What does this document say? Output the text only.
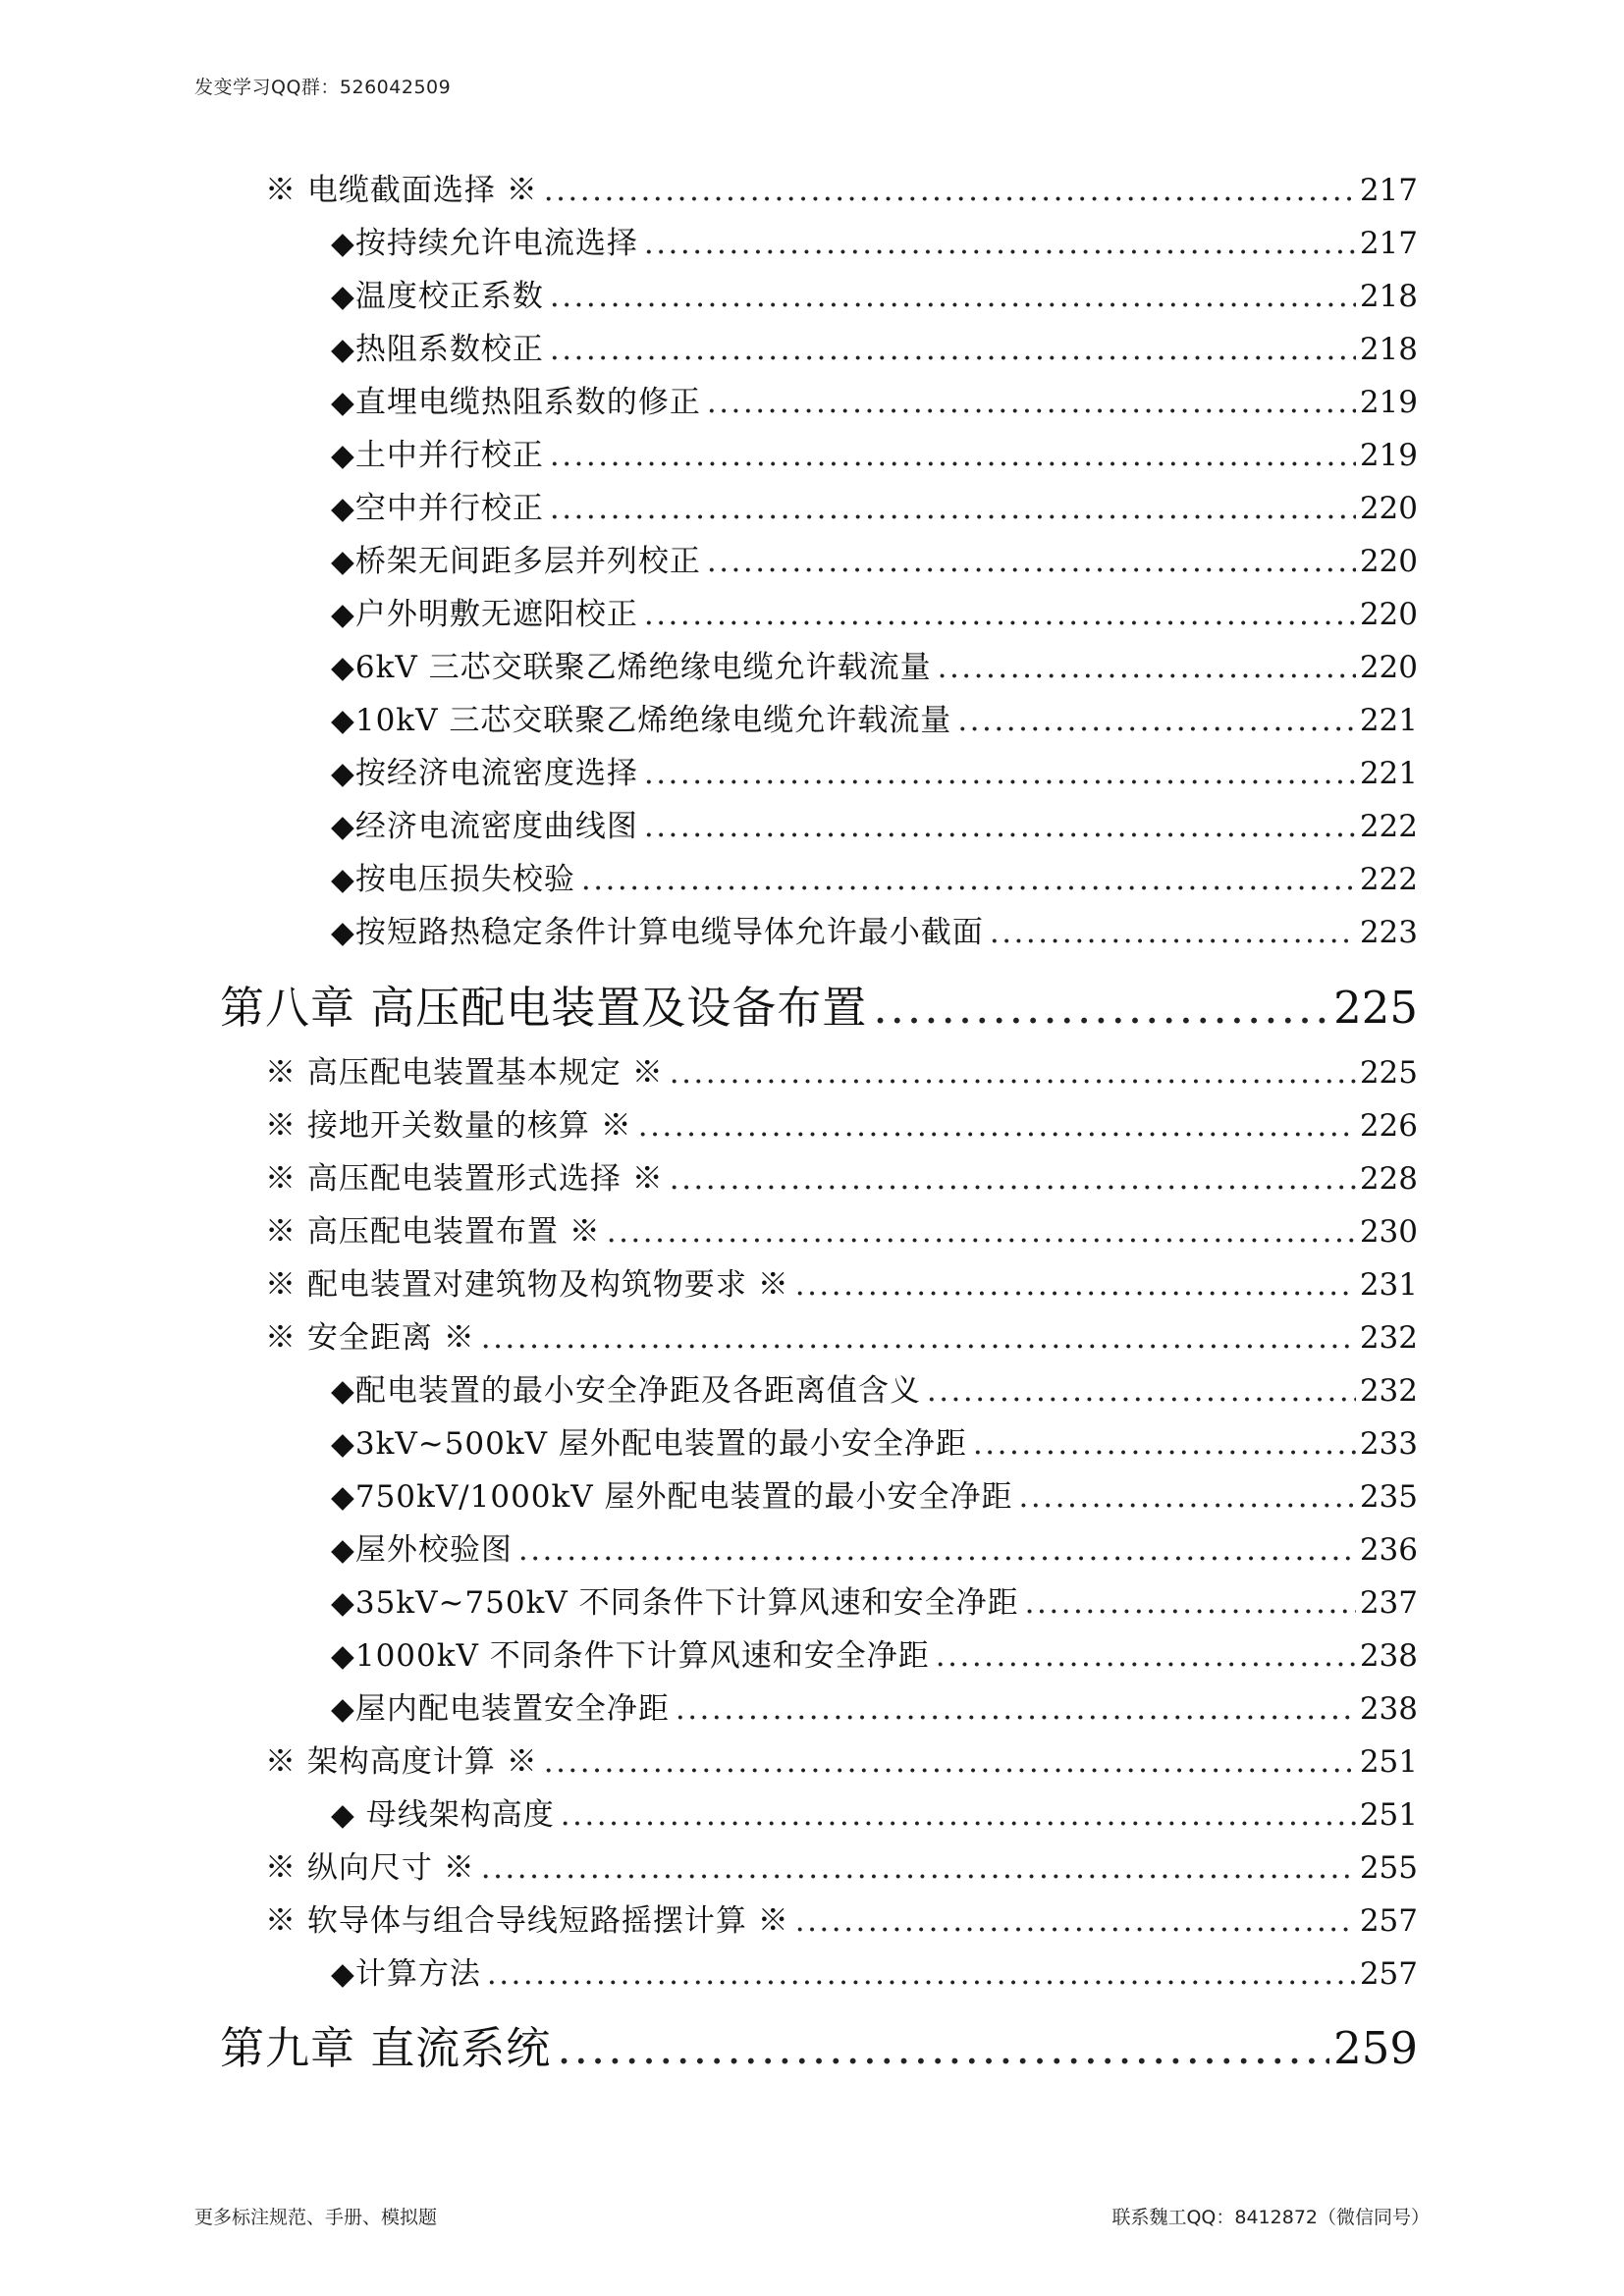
发变学习QQ群：526042509
※ 电缆截面选择 ※ .....	217
◆按持续允许电流选择 .....	217
◆温度校正系数 .....	218
◆热阻系数校正 .....	218
◆直埋电缆热阻系数的修正 .....	219
◆土中并行校正 .....	219
◆空中并行校正 .....	220
◆桥架无间距多层并列校正 .....	220
◆户外明敷无遮阳校正 .....	220
◆6kV 三芯交联聚乙烯绝缘电缆允许载流量 .....	220
◆10kV 三芯交联聚乙烯绝缘电缆允许载流量 .....	221
◆按经济电流密度选择 .....	221
◆经济电流密度曲线图 .....	222
◆按电压损失校验 .....	222
◆按短路热稳定条件计算电缆导体允许最小截面 .....	223
第八章 高压配电装置及设备布置 .....	225
※ 高压配电装置基本规定 ※ .....	225
※ 接地开关数量的核算 ※ .....	226
※ 高压配电装置形式选择 ※ .....	228
※ 高压配电装置布置 ※ .....	230
※ 配电装置对建筑物及构筑物要求 ※ .....	231
※ 安全距离 ※ .....	232
◆配电装置的最小安全净距及各距离值含义 .....	232
◆3kV~500kV 屋外配电装置的最小安全净距 .....	233
◆750kV/1000kV 屋外配电装置的最小安全净距 .....	235
◆屋外校验图 .....	236
◆35kV~750kV 不同条件下计算风速和安全净距 .....	237
◆1000kV 不同条件下计算风速和安全净距 .....	238
◆屋内配电装置安全净距 .....	238
※ 架构高度计算 ※ .....	251
◆ 母线架构高度 .....	251
※ 纵向尺寸 ※ .....	255
※ 软导体与组合导线短路摇摆计算 ※ .....	257
◆计算方法 .....	257
第九章 直流系统 .....	259
更多标注规范、手册、模拟题	联系魏工QQ：8412872（微信同号）
